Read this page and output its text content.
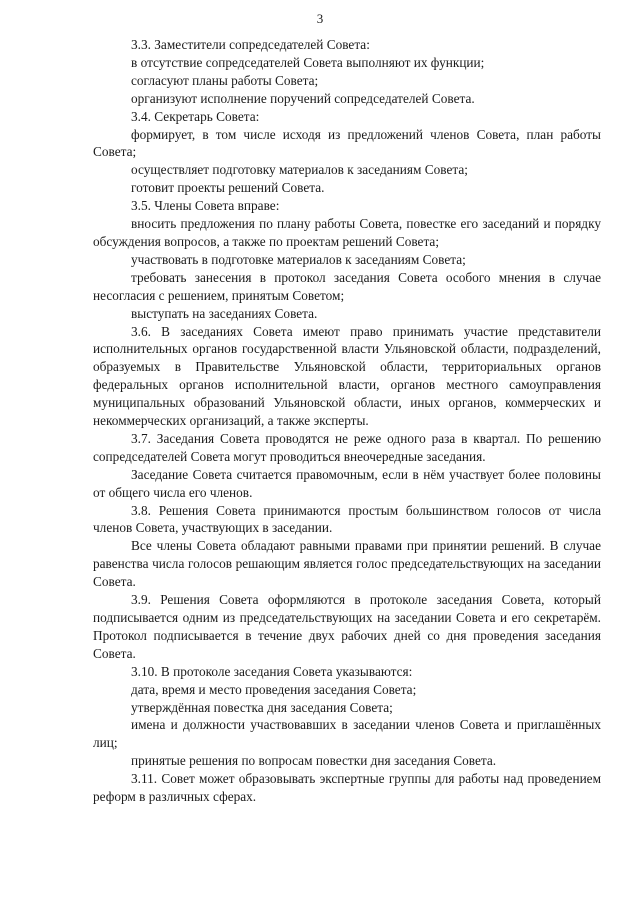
3

3.3. Заместители сопредседателей Совета:

в отсутствие сопредседателей Совета выполняют их функции;

согласуют планы работы Совета;

организуют исполнение поручений сопредседателей Совета.

3.4. Секретарь Совета:

формирует, в том числе исходя из предложений членов Совета, план работы Совета;

осуществляет подготовку материалов к заседаниям Совета;

готовит проекты решений Совета.

3.5. Члены Совета вправе:

вносить предложения по плану работы Совета, повестке его заседаний и порядку обсуждения вопросов, а также по проектам решений Совета;

участвовать в подготовке материалов к заседаниям Совета;

требовать занесения в протокол заседания Совета особого мнения в случае несогласия с решением, принятым Советом;

выступать на заседаниях Совета.

3.6. В заседаниях Совета имеют право принимать участие представители исполнительных органов государственной власти Ульяновской области, подразделений, образуемых в Правительстве Ульяновской области, территориальных органов федеральных органов исполнительной власти, органов местного самоуправления муниципальных образований Ульяновской области, иных органов, коммерческих и некоммерческих организаций, а также эксперты.

3.7. Заседания Совета проводятся не реже одного раза в квартал. По решению сопредседателей Совета могут проводиться внеочередные заседания.

Заседание Совета считается правомочным, если в нём участвует более половины от общего числа его членов.

3.8. Решения Совета принимаются простым большинством голосов от числа членов Совета, участвующих в заседании.

Все члены Совета обладают равными правами при принятии решений. В случае равенства числа голосов решающим является голос председательствующих на заседании Совета.

3.9. Решения Совета оформляются в протоколе заседания Совета, который подписывается одним из председательствующих на заседании Совета и его секретарём. Протокол подписывается в течение двух рабочих дней со дня проведения заседания Совета.

3.10. В протоколе заседания Совета указываются:

дата, время и место проведения заседания Совета;

утверждённая повестка дня заседания Совета;

имена и должности участвовавших в заседании членов Совета и приглашённых лиц;

принятые решения по вопросам повестки дня заседания Совета.

3.11. Совет может образовывать экспертные группы для работы над проведением реформ в различных сферах.
